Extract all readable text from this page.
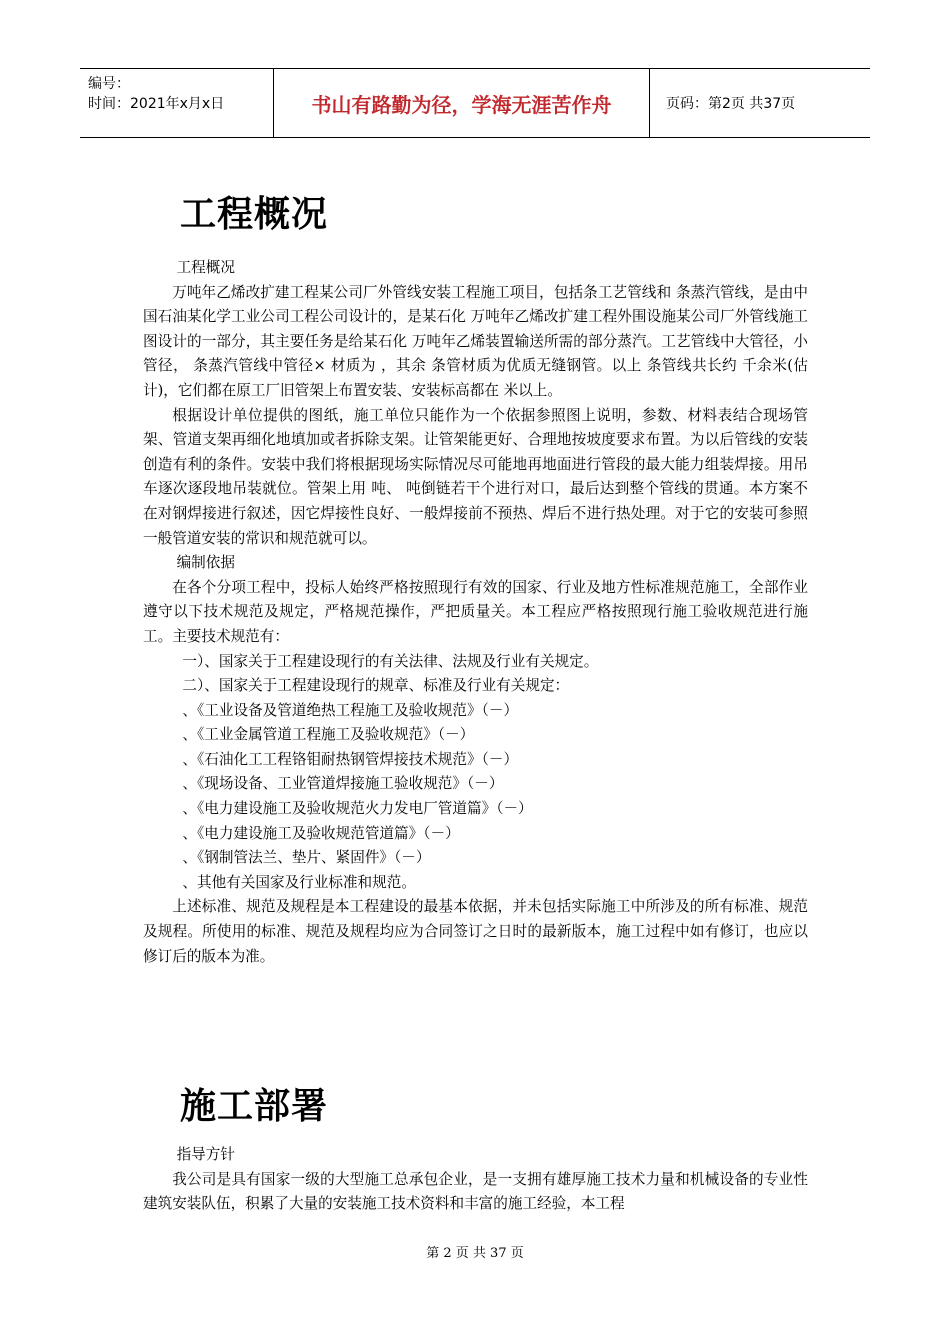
编号：
时间：2021年x月x日	书山有路勤为径，学海无涯苦作舟	页码：第2页 共37页
工程概况
工程概况

万吨年乙烯改扩建工程某公司厂外管线安装工程施工项目，包括条工艺管线和 条蒸汽管线，是由中国石油某化学工业公司工程公司设计的，是某石化 万吨年乙烯改扩建工程外围设施某公司厂外管线施工图设计的一部分，其主要任务是给某石化 万吨年乙烯装置输送所需的部分蒸汽。工艺管线中大管径，小管径， 条蒸汽管线中管径× 材质为 ，其余 条管材质为优质无缝钢管。以上 条管线共长约 千余米(估计)，它们都在原工厂旧管架上布置安装、安装标高都在 米以上。

根据设计单位提供的图纸，施工单位只能作为一个依据参照图上说明，参数、材料表结合现场管架、管道支架再细化地填加或者拆除支架。让管架能更好、合理地按坡度要求布置。为以后管线的安装创造有利的条件。安装中我们将根据现场实际情况尽可能地再地面进行管段的最大能力组装焊接。用吊车逐次逐段地吊装就位。管架上用 吨、 吨倒链若干个进行对口，最后达到整个管线的贯通。本方案不在对钢焊接进行叙述，因它焊接性良好、一般焊接前不预热、焊后不进行热处理。对于它的安装可参照一般管道安装的常识和规范就可以。

编制依据

在各个分项工程中，投标人始终严格按照现行有效的国家、行业及地方性标准规范施工，全部作业遵守以下技术规范及规定，严格规范操作，严把质量关。本工程应严格按照现行施工验收规范进行施工。主要技术规范有：

一）、国家关于工程建设现行的有关法律、法规及行业有关规定。
二）、国家关于工程建设现行的规章、标准及行业有关规定：
、《工业设备及管道绝热工程施工及验收规范》（－）
、《工业金属管道工程施工及验收规范》（－）
、《石油化工工程铬钼耐热钢管焊接技术规范》（－）
、《现场设备、工业管道焊接施工验收规范》（－）
、《电力建设施工及验收规范火力发电厂管道篇》（－）
、《电力建设施工及验收规范管道篇》（－）
、《钢制管法兰、垫片、紧固件》（－）
、其他有关国家及行业标准和规范。

上述标准、规范及规程是本工程建设的最基本依据，并未包括实际施工中所涉及的所有标准、规范及规程。所使用的标准、规范及规程均应为合同签订之日时的最新版本，施工过程中如有修订，也应以修订后的版本为准。

施工部署
指导方针

我公司是具有国家一级的大型施工总承包企业，是一支拥有雄厚施工技术力量和机械设备的专业性建筑安装队伍，积累了大量的安装施工技术资料和丰富的施工经验，本工程

第 2 页 共 37 页
